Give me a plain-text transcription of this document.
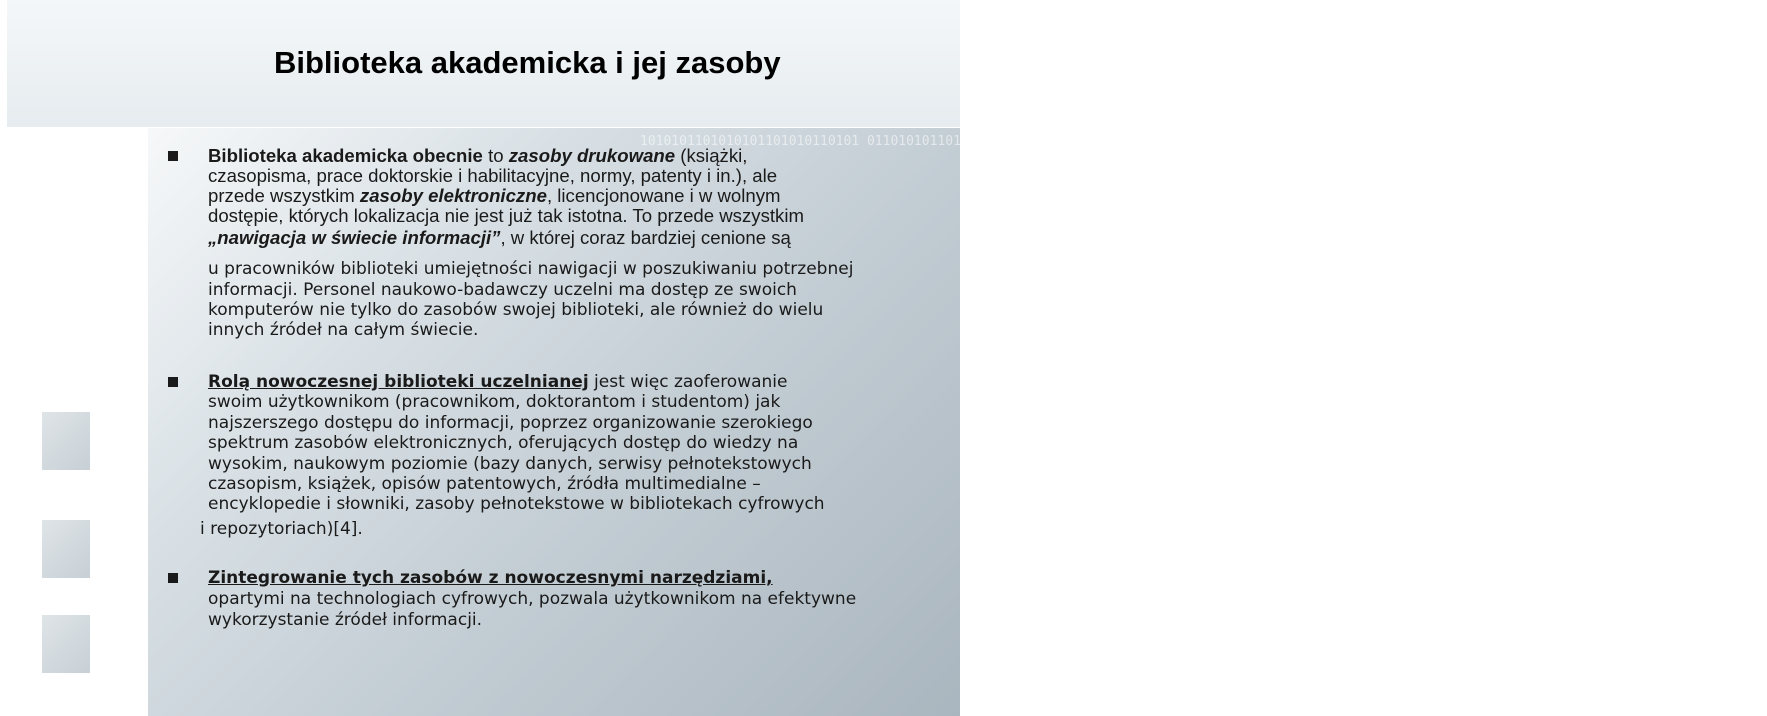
Biblioteka akademicka i jej zasoby
1010101101010101101010110101 0110101011010101011010101101 1010101101010110101011010101 0101011010101101010110101011 1010110101011010101101010110
Biblioteka akademicka obecnie to zasoby drukowane (książki,
czasopisma, prace doktorskie i habilitacyjne, normy, patenty i in.), ale
przede wszystkim zasoby elektroniczne, licencjonowane i w wolnym
dostępie, których lokalizacja nie jest już tak istotna. To przede wszystkim
„nawigacja w świecie informacji”, w której coraz bardziej cenione są
u pracowników biblioteki umiejętności nawigacji w poszukiwaniu potrzebnej
informacji. Personel naukowo-badawczy uczelni ma dostęp ze swoich
komputerów nie tylko do zasobów swojej biblioteki, ale również do wielu
innych źródeł na całym świecie.
Rolą nowoczesnej biblioteki uczelnianej jest więc zaoferowanie
swoim użytkownikom (pracownikom, doktorantom i studentom) jak
najszerszego dostępu do informacji, poprzez organizowanie szerokiego
spektrum zasobów elektronicznych, oferujących dostęp do wiedzy na
wysokim, naukowym poziomie (bazy danych, serwisy pełnotekstowych
czasopism, książek, opisów patentowych, źródła multimedialne –
encyklopedie i słowniki, zasoby pełnotekstowe w bibliotekach cyfrowych
i repozytoriach)[4].
Zintegrowanie tych zasobów z nowoczesnymi narzędziami,
opartymi na technologiach cyfrowych, pozwala użytkownikom na efektywne
wykorzystanie źródeł informacji.
